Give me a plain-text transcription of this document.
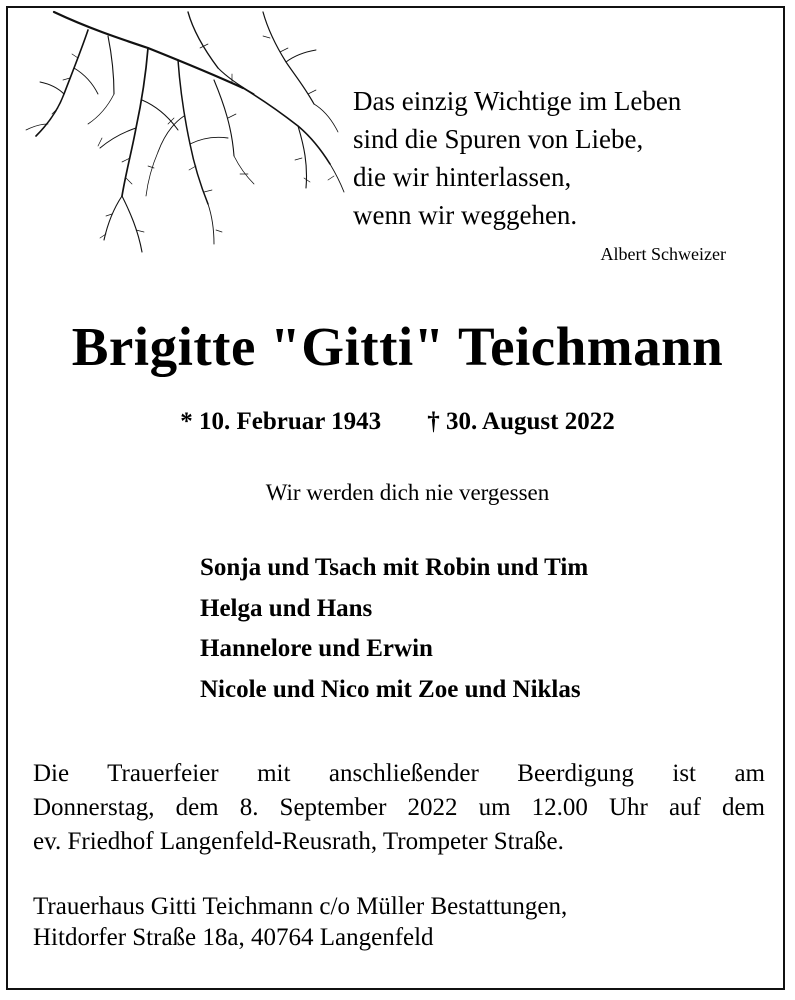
Das einzig Wichtige im Leben
sind die Spuren von Liebe,
die wir hinterlassen,
wenn wir weggehen.
Albert Schweizer
Brigitte "Gitti" Teichmann
* 10. Februar 1943 † 30. August 2022
Wir werden dich nie vergessen
Sonja und Tsach mit Robin und Tim
Helga und Hans
Hannelore und Erwin
Nicole und Nico mit Zoe und Niklas
Die Trauerfeier mit anschließender Beerdigung ist am
Donnerstag, dem 8. September 2022 um 12.00 Uhr auf dem
ev. Friedhof Langenfeld-Reusrath, Trompeter Straße.
Trauerhaus Gitti Teichmann c/o Müller Bestattungen,
Hitdorfer Straße 18a, 40764 Langenfeld
